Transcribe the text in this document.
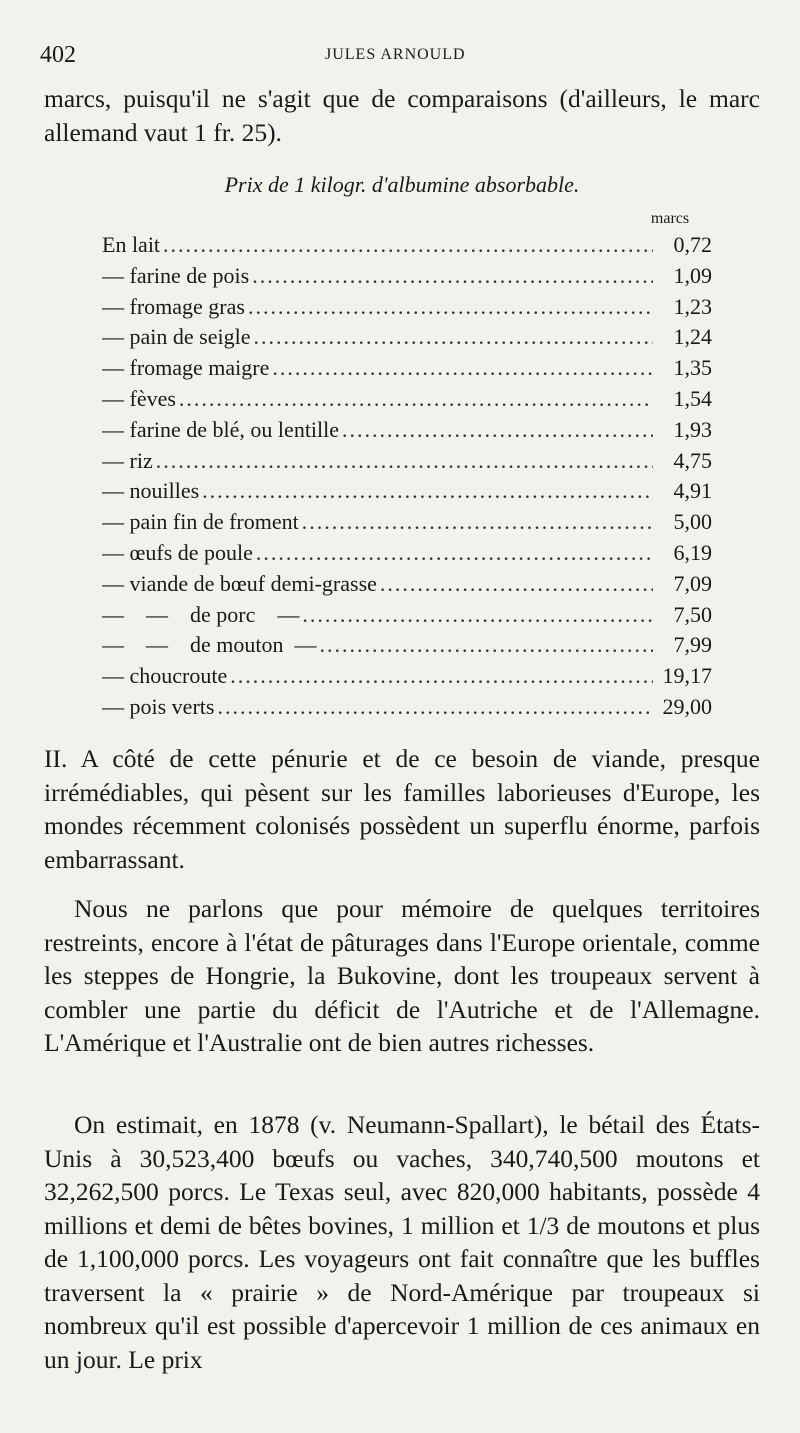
402	JULES ARNOULD

marcs, puisqu'il ne s'agit que de comparaisons (d'ailleurs, le marc allemand vaut 1 fr. 25).

Prix de 1 kilogr. d'albumine absorbable.
marcs
En lait .....	0,72
— farine de pois .....	1,09
— fromage gras .....	1,23
— pain de seigle .....	1,24
— fromage maigre .....	1,35
— fèves .....	1,54
— farine de blé, ou lentille .....	1,93
— riz .....	4,75
— nouilles .....	4,91
— pain fin de froment .....	5,00
— œufs de poule .....	6,19
— viande de bœuf demi-grasse .....	7,09
—    —    de porc    — .....	7,50
—    —    de mouton  — .....	7,99
— choucroute .....	19,17
— pois verts .....	29,00

II. A côté de cette pénurie et de ce besoin de viande, presque irrémédiables, qui pèsent sur les familles laborieuses d'Europe, les mondes récemment colonisés possèdent un superflu énorme, parfois embarrassant.

Nous ne parlons que pour mémoire de quelques territoires restreints, encore à l'état de pâturages dans l'Europe orientale, comme les steppes de Hongrie, la Bukovine, dont les troupeaux servent à combler une partie du déficit de l'Autriche et de l'Allemagne. L'Amérique et l'Australie ont de bien autres richesses.

On estimait, en 1878 (v. Neumann-Spallart), le bétail des États-Unis à 30,523,400 bœufs ou vaches, 340,740,500 moutons et 32,262,500 porcs. Le Texas seul, avec 820,000 habitants, possède 4 millions et demi de bêtes bovines, 1 million et 1/3 de moutons et plus de 1,100,000 porcs. Les voyageurs ont fait connaître que les buffles traversent la « prairie » de Nord-Amérique par troupeaux si nombreux qu'il est possible d'apercevoir 1 million de ces animaux en un jour. Le prix
